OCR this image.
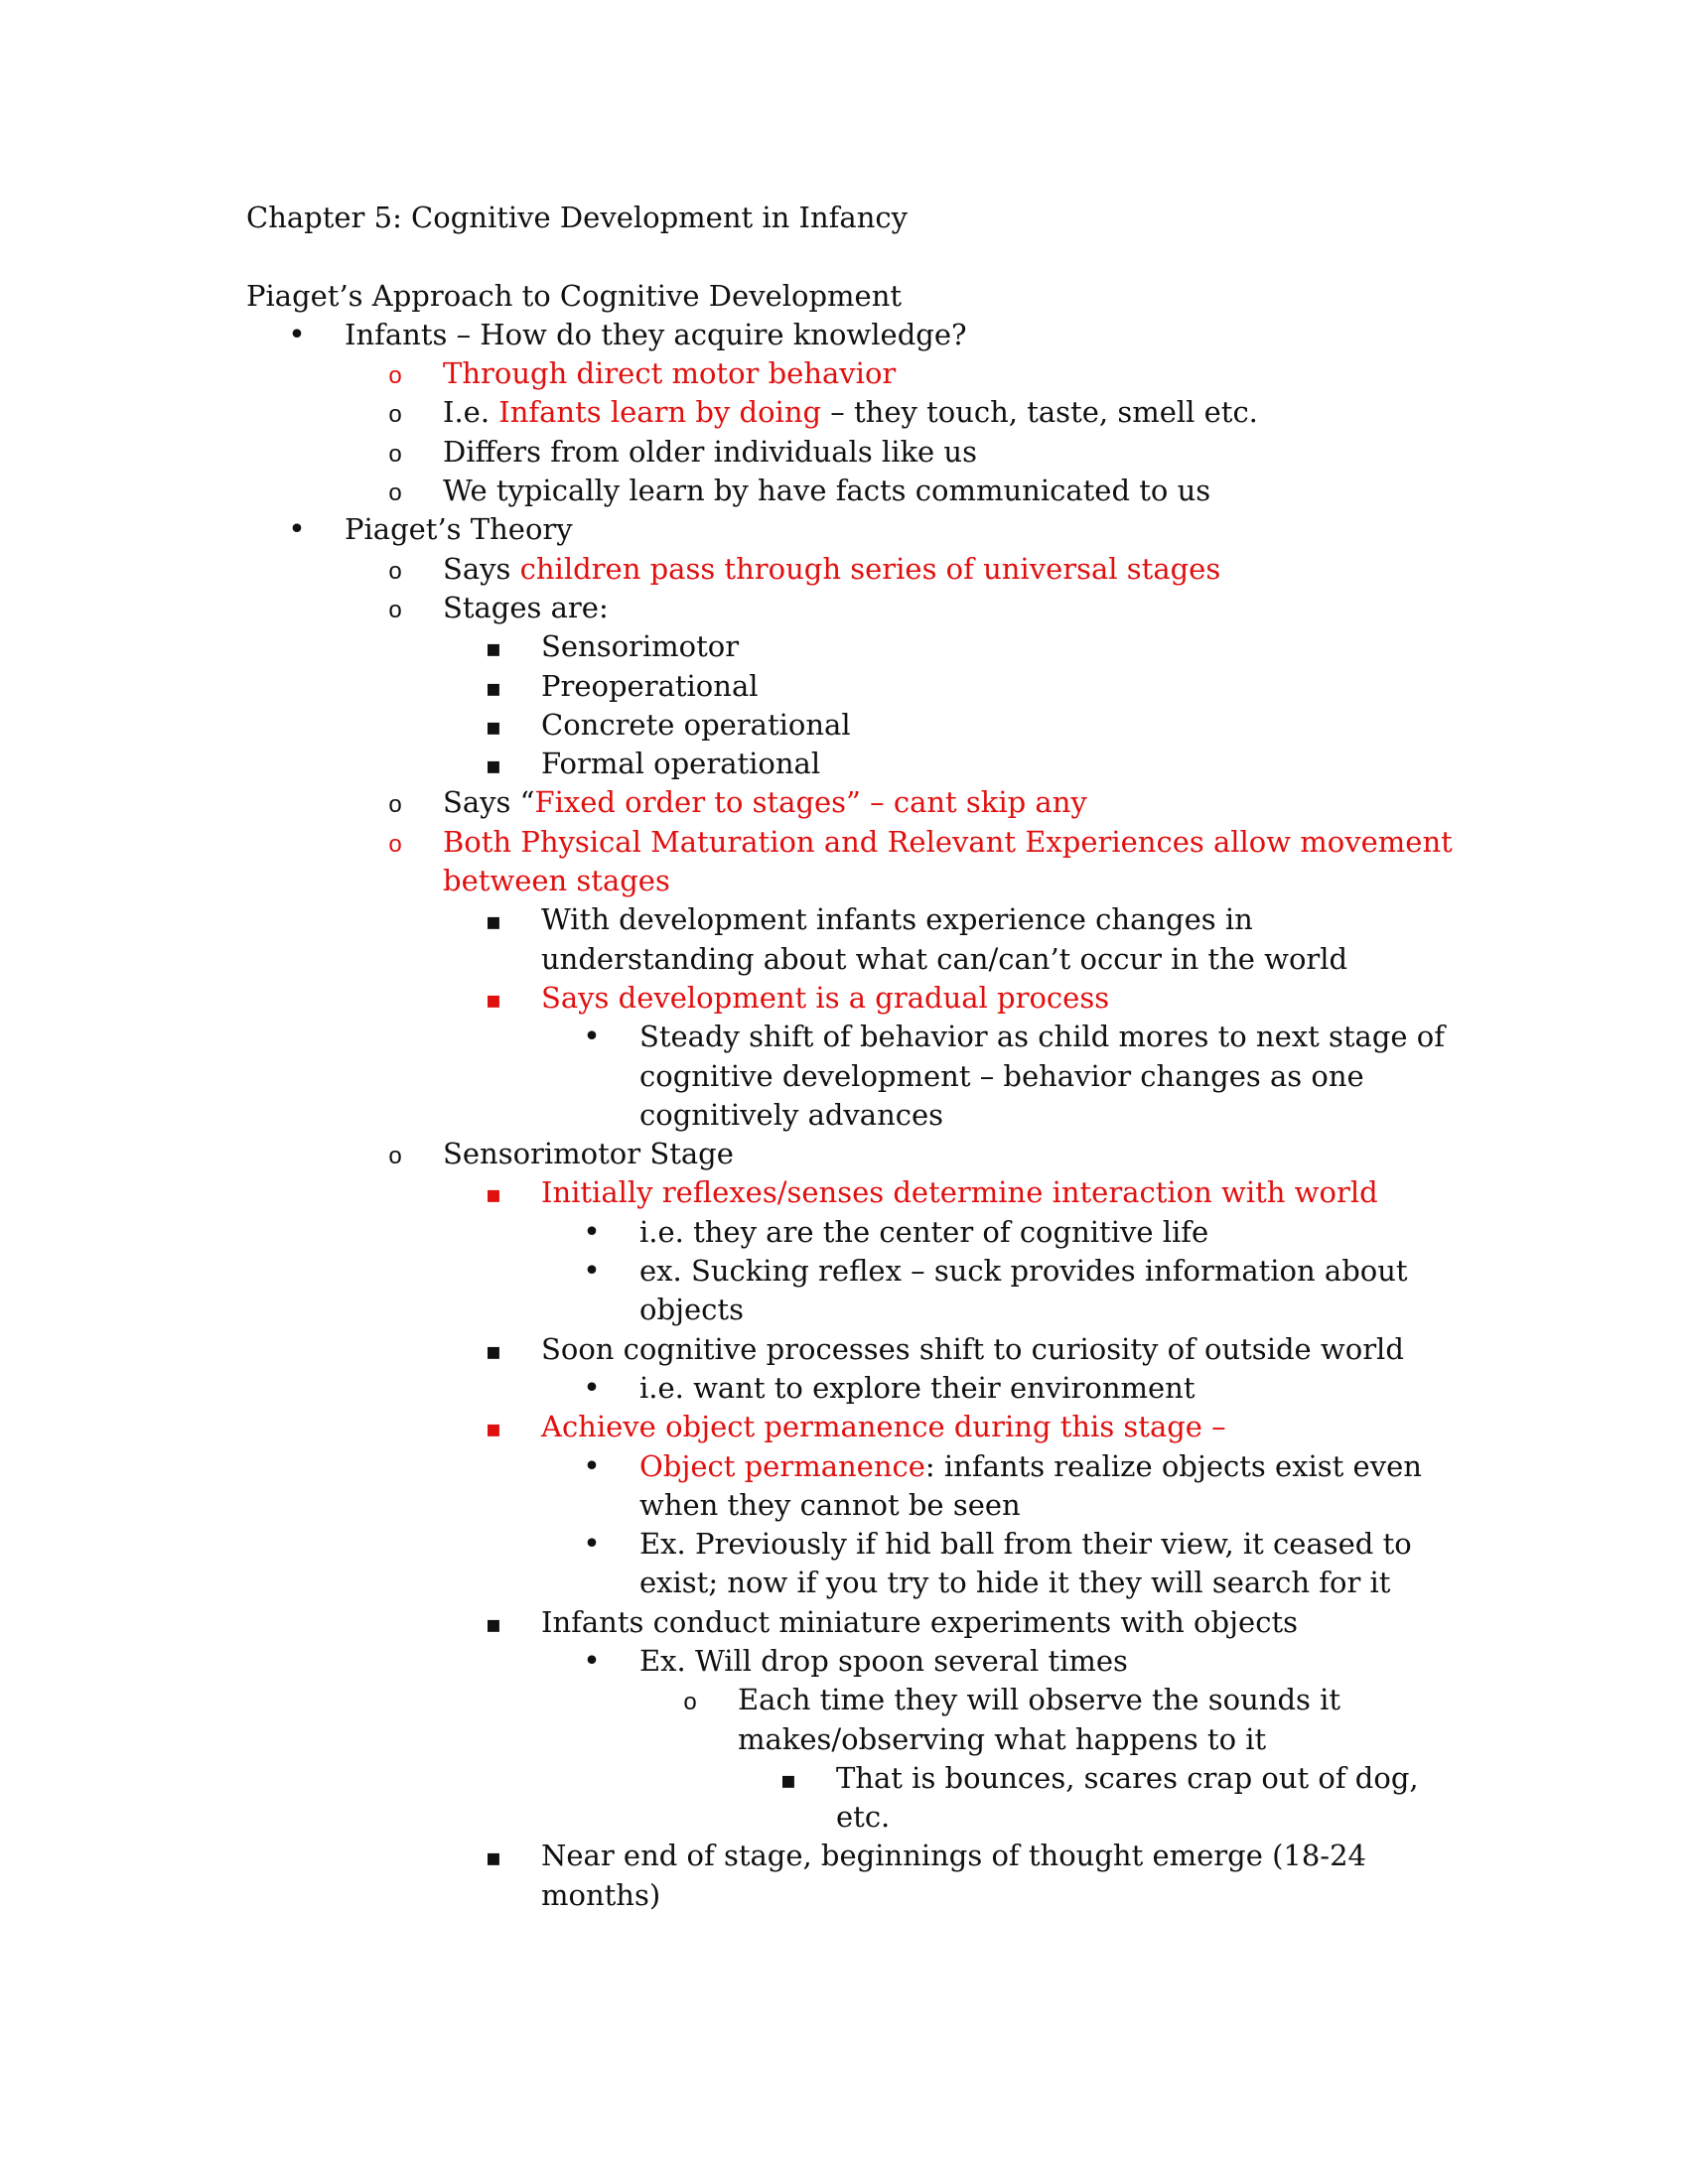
Chapter 5: Cognitive Development in Infancy
Piaget’s Approach to Cognitive Development
•
Infants – How do they acquire knowledge?
o
Through direct motor behavior
o
I.e. Infants learn by doing – they touch, taste, smell etc.
o
Differs from older individuals like us
o
We typically learn by have facts communicated to us
•
Piaget’s Theory
o
Says children pass through series of universal stages
o
Stages are:
▪
Sensorimotor
▪
Preoperational
▪
Concrete operational
▪
Formal operational
o
Says “Fixed order to stages” – cant skip any
o
Both Physical Maturation and Relevant Experiences allow movement
between stages
▪
With development infants experience changes in
understanding about what can/can’t occur in the world
▪
Says development is a gradual process
•
Steady shift of behavior as child mores to next stage of
cognitive development – behavior changes as one
cognitively advances
o
Sensorimotor Stage
▪
Initially reflexes/senses determine interaction with world
•
i.e. they are the center of cognitive life
•
ex. Sucking reflex – suck provides information about
objects
▪
Soon cognitive processes shift to curiosity of outside world
•
i.e. want to explore their environment
▪
Achieve object permanence during this stage –
•
Object permanence: infants realize objects exist even
when they cannot be seen
•
Ex. Previously if hid ball from their view, it ceased to
exist; now if you try to hide it they will search for it
▪
Infants conduct miniature experiments with objects
•
Ex. Will drop spoon several times
o
Each time they will observe the sounds it
makes/observing what happens to it
▪
That is bounces, scares crap out of dog,
etc.
▪
Near end of stage, beginnings of thought emerge (18-24
months)
